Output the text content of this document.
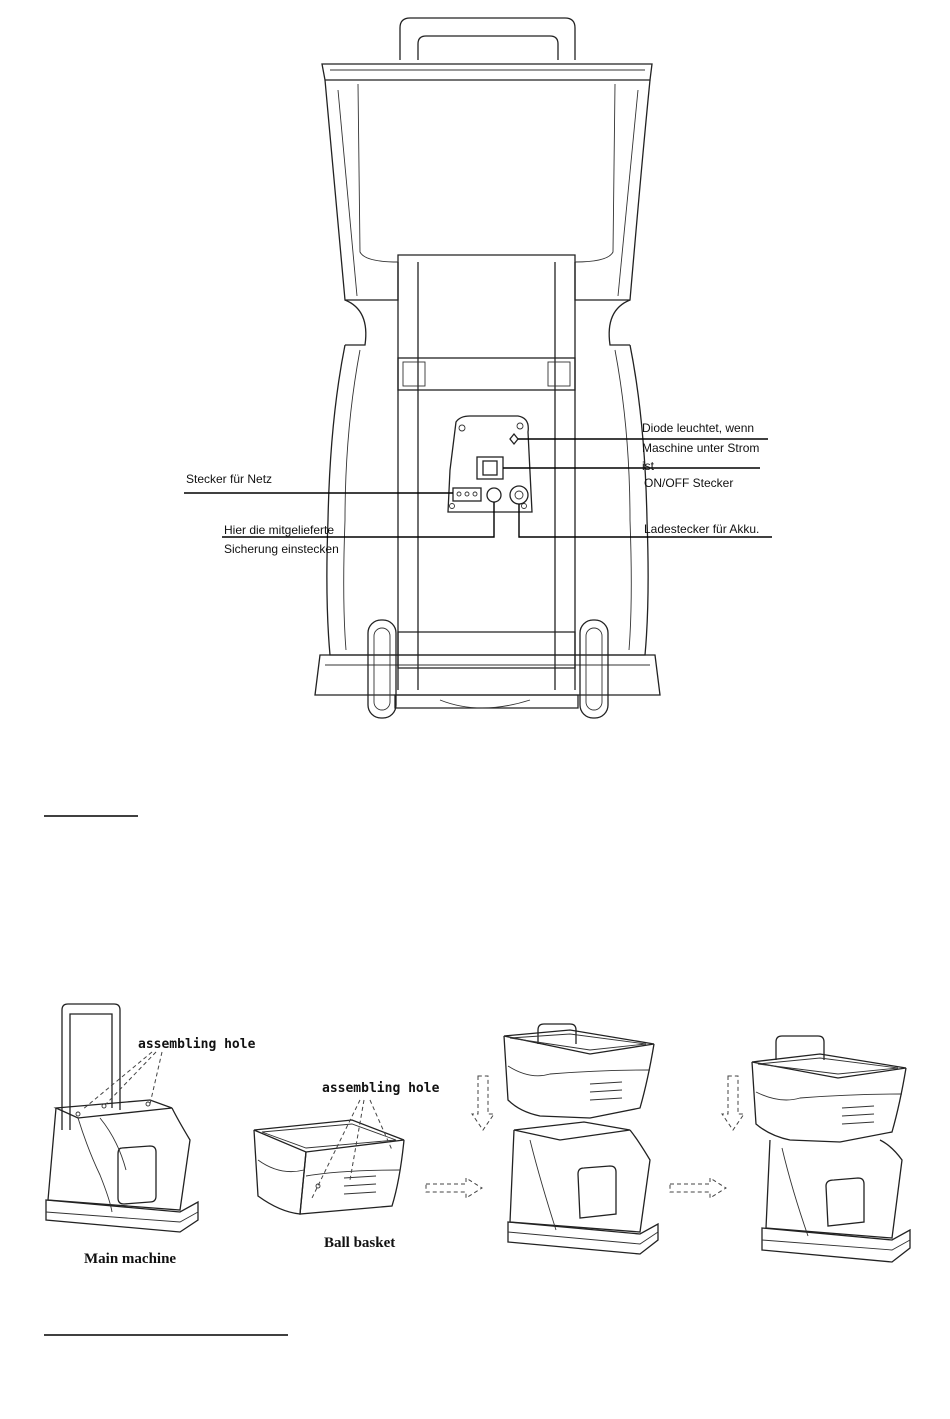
Diode leuchtet, wenn
Maschine unter Strom
ist
ON/OFF Stecker
Stecker für Netz
Hier die mitgelieferte
Sicherung einstecken
Ladestecker für Akku.
assembling hole
Main machine
assembling hole
Ball basket
